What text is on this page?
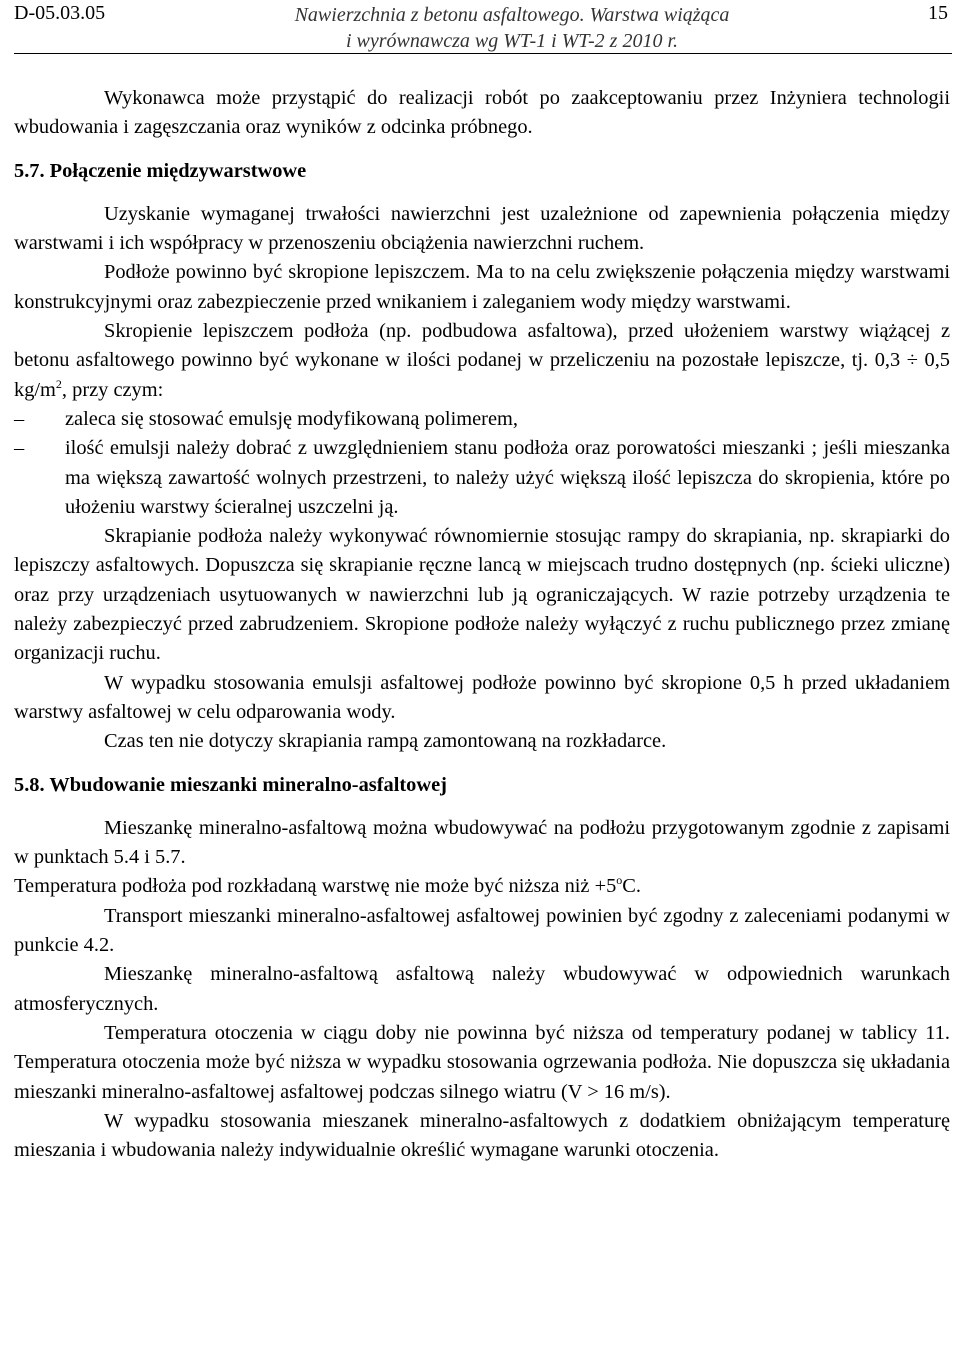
D-05.03.05	Nawierzchnia z betonu asfaltowego. Warstwa wiążąca
i wyrównawcza wg WT-1 i WT-2 z 2010 r.
15

Wykonawca może przystąpić do realizacji robót po zaakceptowaniu przez Inżyniera technologii wbudowania i zagęszczania oraz wyników z odcinka próbnego.

5.7. Połączenie międzywarstwowe

Uzyskanie wymaganej trwałości nawierzchni jest uzależnione od zapewnienia połączenia między warstwami i ich współpracy w przenoszeniu obciążenia nawierzchni ruchem.

Podłoże powinno być skropione lepiszczem. Ma to na celu zwiększenie połączenia między warstwami konstrukcyjnymi oraz zabezpieczenie przed wnikaniem i zaleganiem wody między warstwami.

Skropienie lepiszczem podłoża (np. podbudowa asfaltowa), przed ułożeniem warstwy wiążącej z betonu asfaltowego powinno być wykonane w ilości podanej w przeliczeniu na pozostałe lepiszcze, tj. 0,3 ÷ 0,5 $kg/m^2$, przy czym:

– zaleca się stosować emulsję modyfikowaną polimerem,
– ilość emulsji należy dobrać z uwzględnieniem stanu podłoża oraz porowatości mieszanki ; jeśli mieszanka ma większą zawartość wolnych przestrzeni, to należy użyć większą ilość lepiszcza do skropienia, które po ułożeniu warstwy ścieralnej uszczelni ją.

Skrapianie podłoża należy wykonywać równomiernie stosując rampy do skrapiania, np. skrapiarki do lepiszczy asfaltowych. Dopuszcza się skrapianie ręczne lancą w miejscach trudno dostępnych (np. ścieki uliczne) oraz przy urządzeniach usytuowanych w nawierzchni lub ją ograniczających. W razie potrzeby urządzenia te należy zabezpieczyć przed zabrudzeniem. Skropione podłoże należy wyłączyć z ruchu publicznego przez zmianę organizacji ruchu.

W wypadku stosowania emulsji asfaltowej podłoże powinno być skropione 0,5 h przed układaniem warstwy asfaltowej w celu odparowania wody.

Czas ten nie dotyczy skrapiania rampą zamontowaną na rozkładarce.

5.8. Wbudowanie mieszanki mineralno-asfaltowej

Mieszankę mineralno-asfaltową można wbudowywać na podłożu przygotowanym zgodnie z zapisami w punktach 5.4 i 5.7.

Temperatura podłoża pod rozkładaną warstwę nie może być niższa niż $+5^oC$.

Transport mieszanki mineralno-asfaltowej asfaltowej powinien być zgodny z zaleceniami podanymi w punkcie 4.2.

Mieszankę mineralno-asfaltową asfaltową należy wbudowywać w odpowiednich warunkach atmosferycznych.

Temperatura otoczenia w ciągu doby nie powinna być niższa od temperatury podanej w tablicy 11. Temperatura otoczenia może być niższa w wypadku stosowania ogrzewania podłoża. Nie dopuszcza się układania mieszanki mineralno-asfaltowej asfaltowej podczas silnego wiatru (V > 16 m/s).

W wypadku stosowania mieszanek mineralno-asfaltowych z dodatkiem obniżającym temperaturę mieszania i wbudowania należy indywidualnie określić wymagane warunki otoczenia.
